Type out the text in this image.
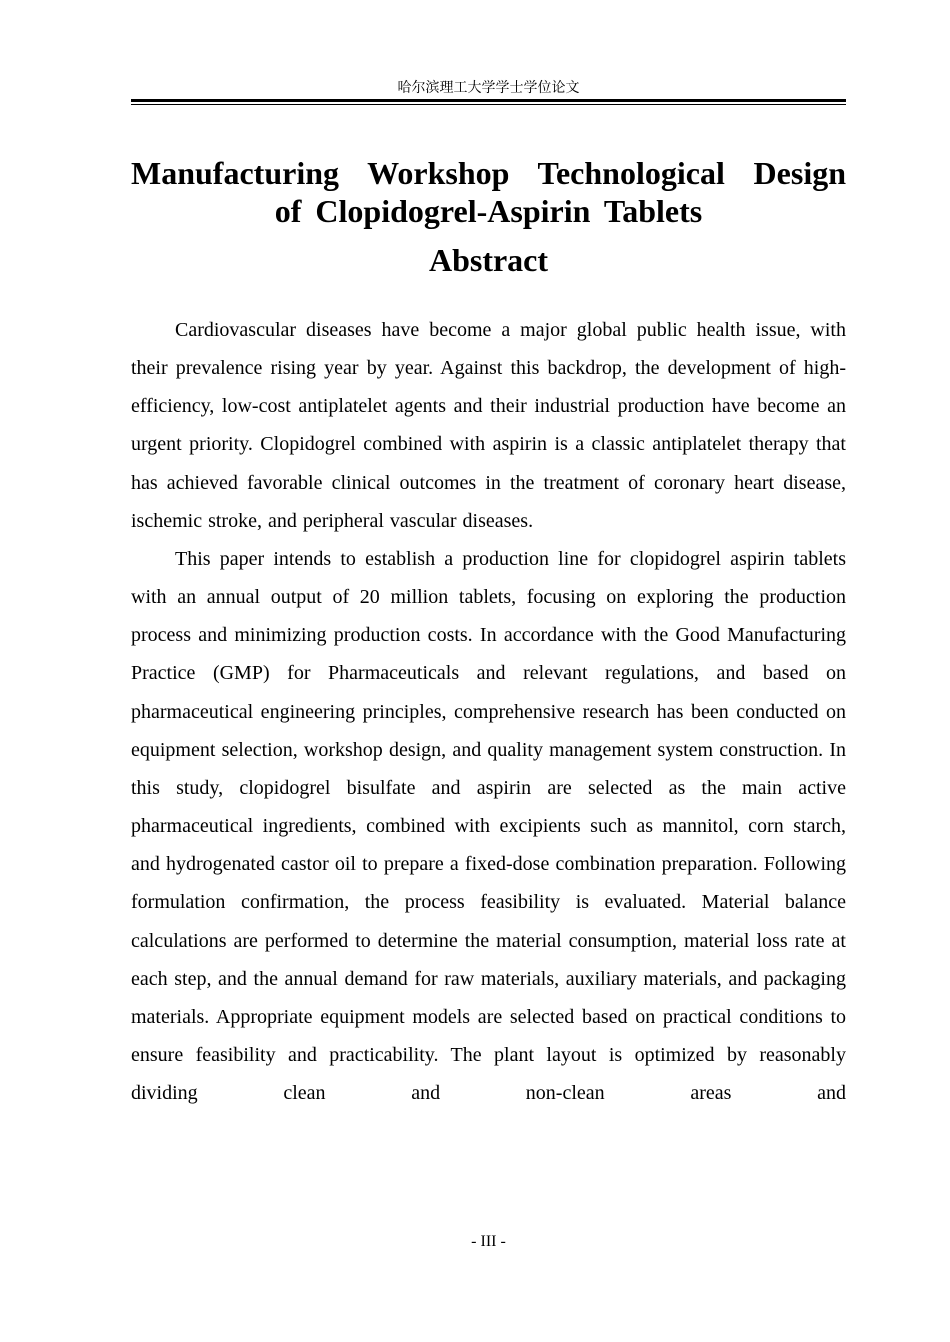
哈尔滨理工大学学士学位论文
Manufacturing Workshop Technological Design
of Clopidogrel-Aspirin Tablets
Abstract

Cardiovascular diseases have become a major global public health issue, with their prevalence rising year by year. Against this backdrop, the development of high-efficiency, low-cost antiplatelet agents and their industrial production have become an urgent priority. Clopidogrel combined with aspirin is a classic antiplatelet therapy that has achieved favorable clinical outcomes in the treatment of coronary heart disease, ischemic stroke, and peripheral vascular diseases.

This paper intends to establish a production line for clopidogrel aspirin tablets with an annual output of 20 million tablets, focusing on exploring the production process and minimizing production costs. In accordance with the Good Manufacturing Practice (GMP) for Pharmaceuticals and relevant regulations, and based on pharmaceutical engineering principles, comprehensive research has been conducted on equipment selection, workshop design, and quality management system construction. In this study, clopidogrel bisulfate and aspirin are selected as the main active pharmaceutical ingredients, combined with excipients such as mannitol, corn starch, and hydrogenated castor oil to prepare a fixed-dose combination preparation. Following formulation confirmation, the process feasibility is evaluated. Material balance calculations are performed to determine the material consumption, material loss rate at each step, and the annual demand for raw materials, auxiliary materials, and packaging materials. Appropriate equipment models are selected based on practical conditions to ensure feasibility and practicability. The plant layout is optimized by reasonably dividing clean and non-clean areas and

- III -
